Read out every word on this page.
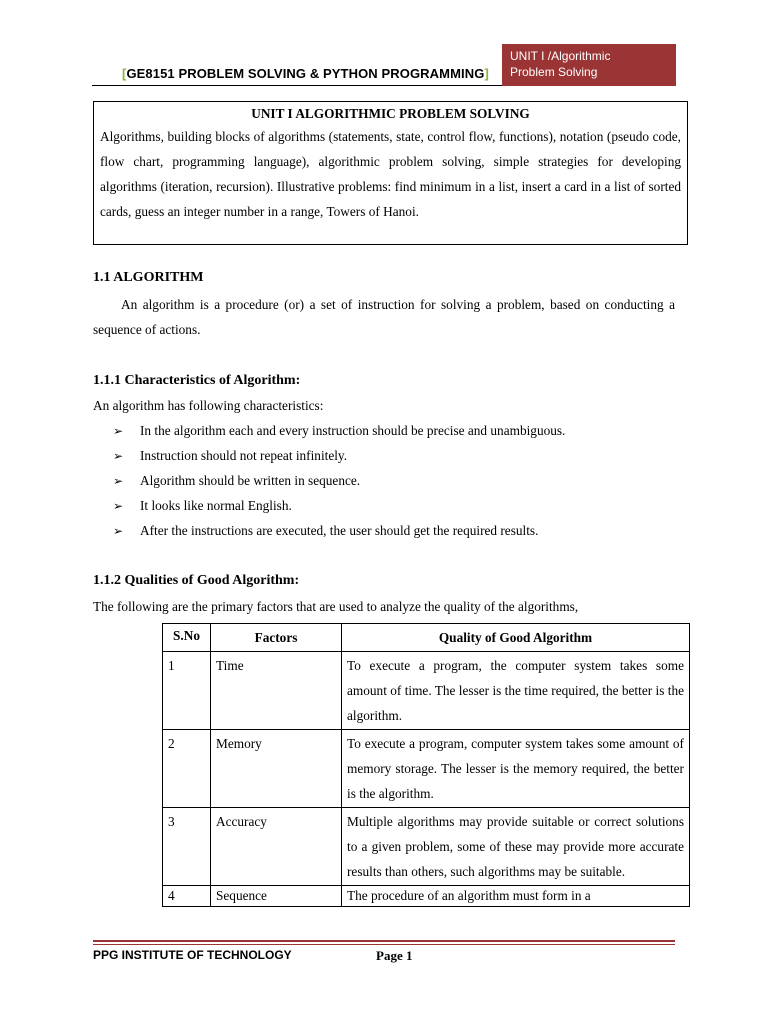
[GE8151 PROBLEM SOLVING & PYTHON PROGRAMMING]
UNIT I /Algorithmic
Problem Solving
UNIT I ALGORITHMIC PROBLEM SOLVING
Algorithms, building blocks of algorithms (statements, state, control flow, functions), notation (pseudo code, flow chart, programming language), algorithmic problem solving, simple strategies for developing algorithms (iteration, recursion). Illustrative problems: find minimum in a list, insert a card in a list of sorted cards, guess an integer number in a range, Towers of Hanoi.
1.1 ALGORITHM
An algorithm is a procedure (or) a set of instruction for solving a problem, based on conducting a sequence of actions.
1.1.1 Characteristics of Algorithm:
An algorithm has following characteristics:
➢ In the algorithm each and every instruction should be precise and unambiguous.
➢ Instruction should not repeat infinitely.
➢ Algorithm should be written in sequence.
➢ It looks like normal English.
➢ After the instructions are executed, the user should get the required results.
1.1.2 Qualities of Good Algorithm:
The following are the primary factors that are used to analyze the quality of the algorithms,
S.No	Factors	Quality of Good Algorithm
1	Time	To execute a program, the computer system takes some amount of time. The lesser is the time required, the better is the algorithm.
2	Memory	To execute a program, computer system takes some amount of memory storage. The lesser is the memory required, the better is the algorithm.
3	Accuracy	Multiple algorithms may provide suitable or correct solutions to a given problem, some of these may provide more accurate results than others, such algorithms may be suitable.
4	Sequence	The procedure of an algorithm must form in a
PPG INSTITUTE OF TECHNOLOGY	Page 1
